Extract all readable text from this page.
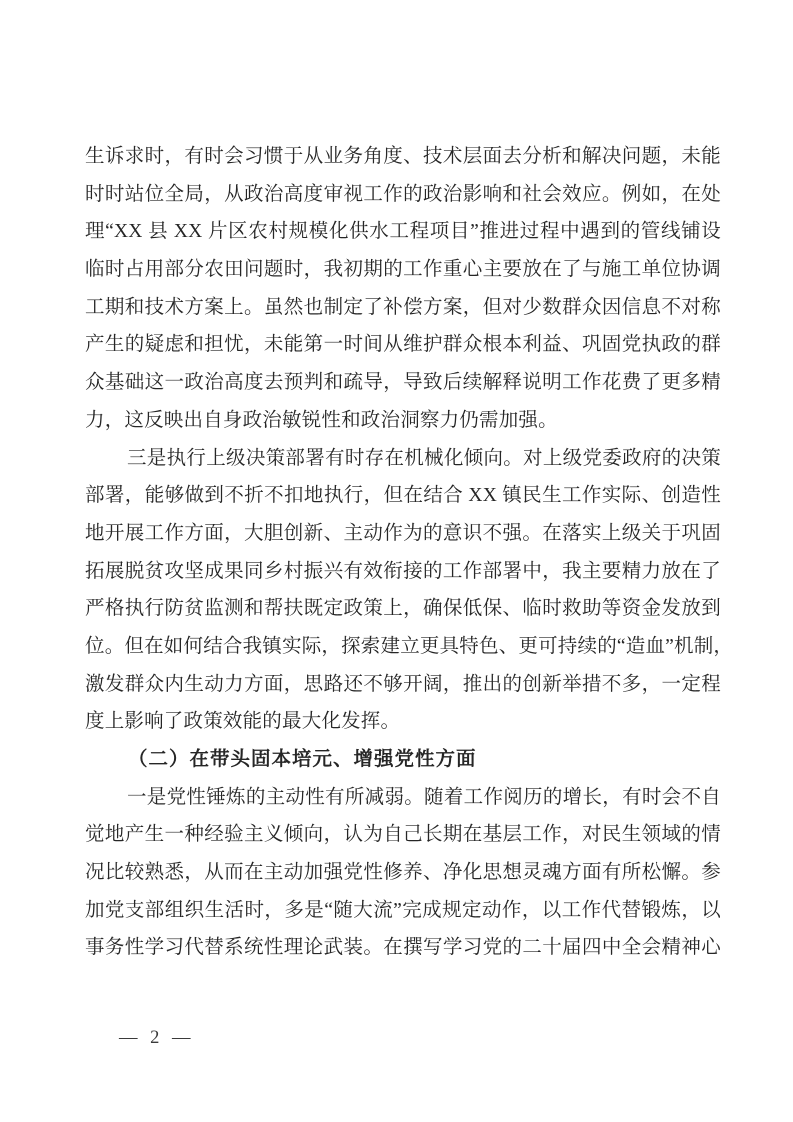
生诉求时，有时会习惯于从业务角度、技术层面去分析和解决问题，未能
时时站位全局，从政治高度审视工作的政治影响和社会效应。例如，在处
理“XX 县 XX 片区农村规模化供水工程项目”推进过程中遇到的管线铺设
临时占用部分农田问题时，我初期的工作重心主要放在了与施工单位协调
工期和技术方案上。虽然也制定了补偿方案，但对少数群众因信息不对称
产生的疑虑和担忧，未能第一时间从维护群众根本利益、巩固党执政的群
众基础这一政治高度去预判和疏导，导致后续解释说明工作花费了更多精
力，这反映出自身政治敏锐性和政治洞察力仍需加强。
三是执行上级决策部署有时存在机械化倾向。对上级党委政府的决策
部署，能够做到不折不扣地执行，但在结合 XX 镇民生工作实际、创造性
地开展工作方面，大胆创新、主动作为的意识不强。在落实上级关于巩固
拓展脱贫攻坚成果同乡村振兴有效衔接的工作部署中，我主要精力放在了
严格执行防贫监测和帮扶既定政策上，确保低保、临时救助等资金发放到
位。但在如何结合我镇实际，探索建立更具特色、更可持续的“造血”机制，
激发群众内生动力方面，思路还不够开阔，推出的创新举措不多，一定程
度上影响了政策效能的最大化发挥。
（二）在带头固本培元、增强党性方面
一是党性锤炼的主动性有所减弱。随着工作阅历的增长，有时会不自
觉地产生一种经验主义倾向，认为自己长期在基层工作，对民生领域的情
况比较熟悉，从而在主动加强党性修养、净化思想灵魂方面有所松懈。参
加党支部组织生活时，多是“随大流”完成规定动作，以工作代替锻炼，以
事务性学习代替系统性理论武装。在撰写学习党的二十届四中全会精神心
— 2 —
